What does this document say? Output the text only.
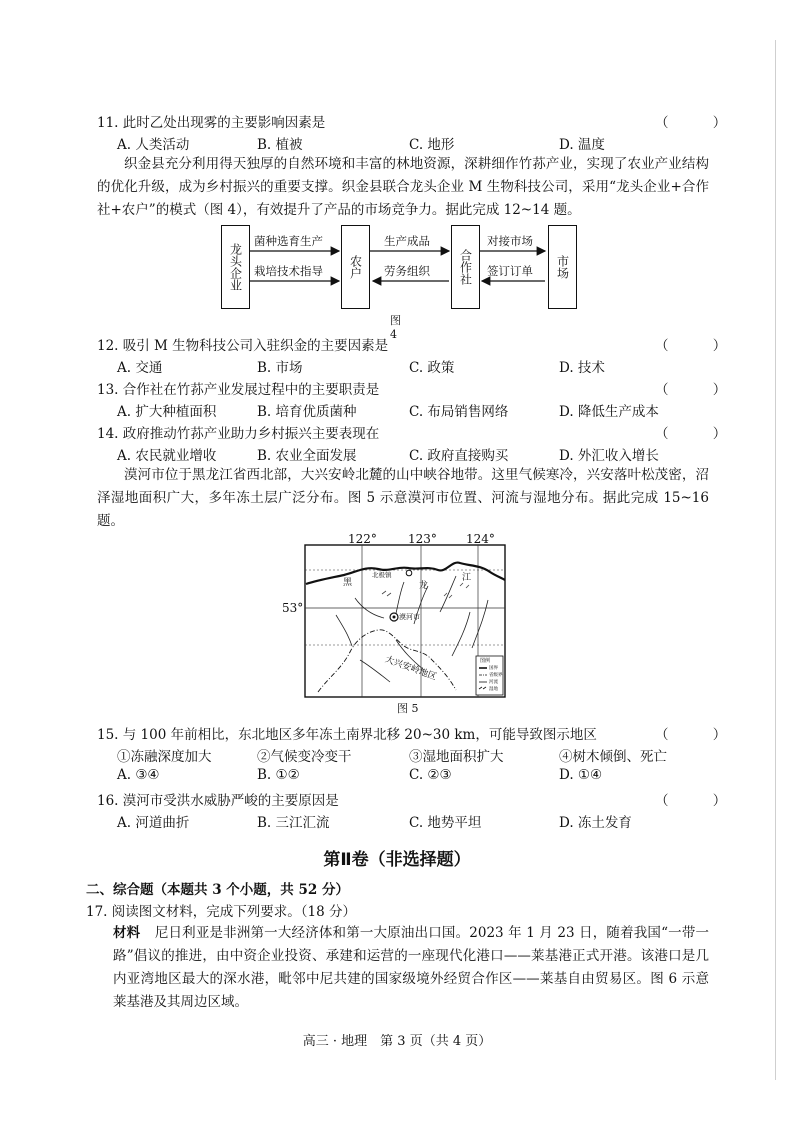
11. 此时乙处出现雾的主要影响因素是	（ ）
A. 人类活动	B. 植被	C. 地形	D. 温度
织金县充分利用得天独厚的自然环境和丰富的林地资源，深耕细作竹荪产业，实现了农业产业结构的优化升级，成为乡村振兴的重要支撑。织金县联合龙头企业 M 生物科技公司，采用“龙头企业+合作社+农户”的模式（图 4），有效提升了产品的市场竞争力。据此完成 12~14 题。
龙头企业	农户	合作社	市场
菌种选育生产
栽培技术指导
生产成品
劳务组织
对接市场
签订订单
图 4
12. 吸引 M 生物科技公司入驻织金的主要因素是	（ ）
A. 交通	B. 市场	C. 政策	D. 技术
13. 合作社在竹荪产业发展过程中的主要职责是	（ ）
A. 扩大种植面积	B. 培育优质菌种	C. 布局销售网络	D. 降低生产成本
14. 政府推动竹荪产业助力乡村振兴主要表现在	（ ）
A. 农民就业增收	B. 农业全面发展	C. 政府直接购买	D. 外汇收入增长
漠河市位于黑龙江省西北部，大兴安岭北麓的山中峡谷地带。这里气候寒冷，兴安落叶松茂密，沼泽湿地面积广大，多年冻土层广泛分布。图 5 示意漠河市位置、河流与湿地分布。据此完成 15~16 题。
122°	123° 124°
53°
北极镇
黑	龙
江
漠河市
大兴安岭地区	图例
国界
省级界
河流
湿地
图 5
15. 与 100 年前相比，东北地区多年冻土南界北移 20~30 km，可能导致图示地区	（ ）
①冻融深度加大	②气候变冷变干	③湿地面积扩大	④树木倾倒、死亡
A. ③④	B. ①②	C. ②③	D. ①④
16. 漠河市受洪水威胁严峻的主要原因是	（ ）
A. 河道曲折	B. 三江汇流	C. 地势平坦	D. 冻土发育
第Ⅱ卷（非选择题）
二、综合题（本题共 3 个小题，共 52 分）
17. 阅读图文材料，完成下列要求。（18 分）
材料 尼日利亚是非洲第一大经济体和第一大原油出口国。2023 年 1 月 23 日，随着我国“一带一路”倡议的推进，由中资企业投资、承建和运营的一座现代化港口——莱基港正式开港。该港口是几内亚湾地区最大的深水港，毗邻中尼共建的国家级境外经贸合作区——莱基自由贸易区。图 6 示意莱基港及其周边区域。
高三 · 地理　第 3 页（共 4 页）
